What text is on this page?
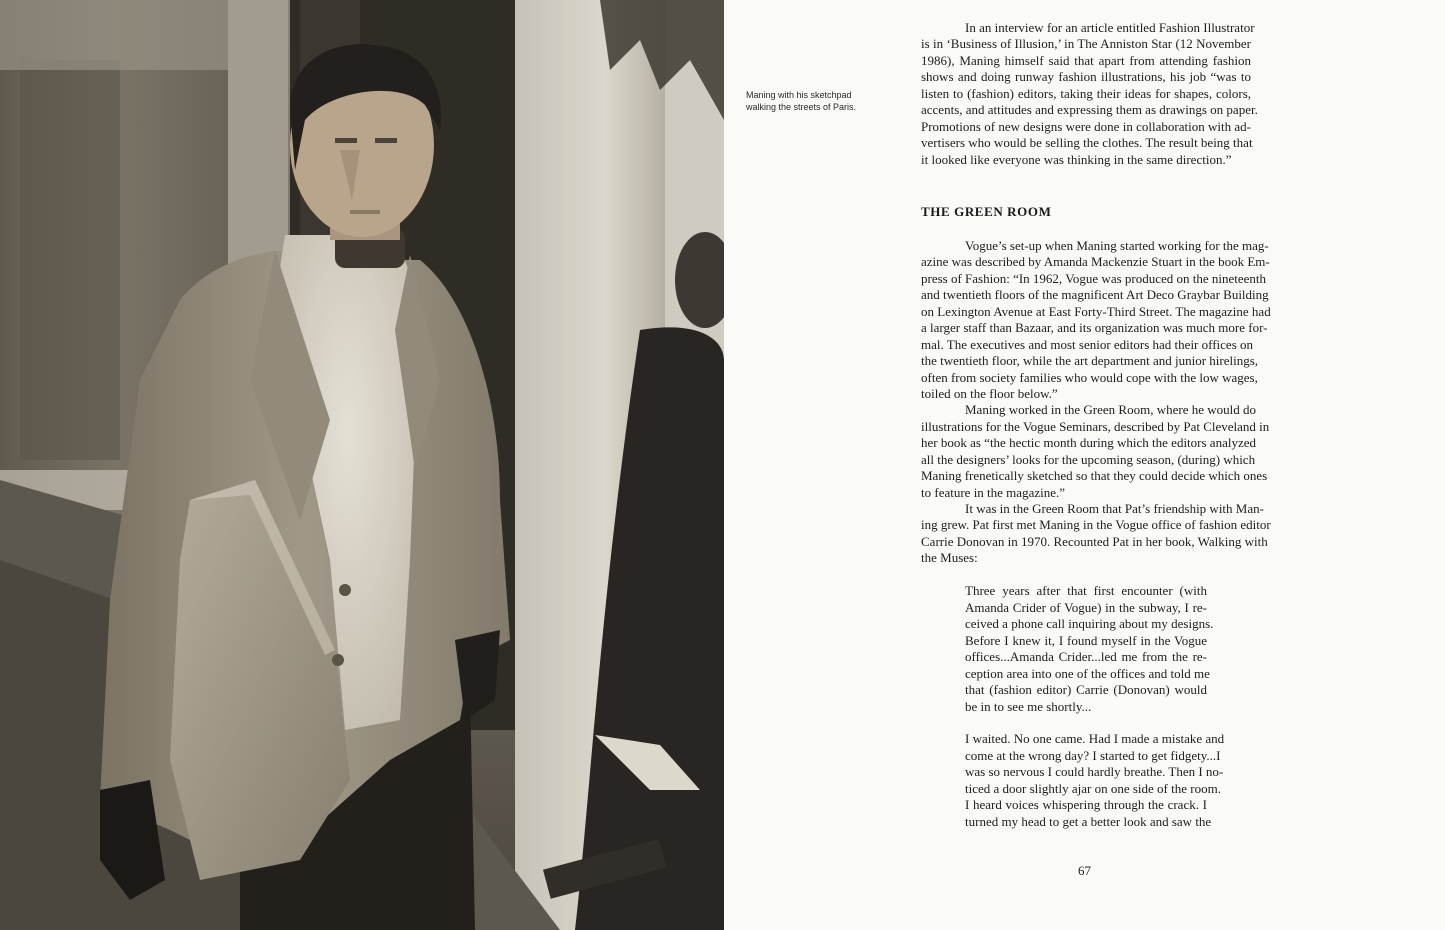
Maning with his sketchpad
walking the streets of Paris.
In an interview for an article entitled Fashion Illustrator
is in ‘Business of Illusion,’ in The Anniston Star (12 November
1986), Maning himself said that apart from attending fashion
shows and doing runway fashion illustrations, his job “was to
listen to (fashion) editors, taking their ideas for shapes, colors,
accents, and attitudes and expressing them as drawings on paper.
Promotions of new designs were done in collaboration with ad-
vertisers who would be selling the clothes. The result being that
it looked like everyone was thinking in the same direction.”
THE GREEN ROOM
Vogue’s set-up when Maning started working for the mag-
azine was described by Amanda Mackenzie Stuart in the book Em-
press of Fashion: “In 1962, Vogue was produced on the nineteenth
and twentieth floors of the magnificent Art Deco Graybar Building
on Lexington Avenue at East Forty-Third Street. The magazine had
a larger staff than Bazaar, and its organization was much more for-
mal. The executives and most senior editors had their offices on
the twentieth floor, while the art department and junior hirelings,
often from society families who would cope with the low wages,
toiled on the floor below.”
Maning worked in the Green Room, where he would do
illustrations for the Vogue Seminars, described by Pat Cleveland in
her book as “the hectic month during which the editors analyzed
all the designers’ looks for the upcoming season, (during) which
Maning frenetically sketched so that they could decide which ones
to feature in the magazine.”
It was in the Green Room that Pat’s friendship with Man-
ing grew. Pat first met Maning in the Vogue office of fashion editor
Carrie Donovan in 1970. Recounted Pat in her book, Walking with
the Muses:
Three years after that first encounter (with
Amanda Crider of Vogue) in the subway, I re-
ceived a phone call inquiring about my designs.
Before I knew it, I found myself in the Vogue
offices...Amanda Crider...led me from the re-
ception area into one of the offices and told me
that (fashion editor) Carrie (Donovan) would
be in to see me shortly...
I waited. No one came. Had I made a mistake and
come at the wrong day? I started to get fidgety...I
was so nervous I could hardly breathe. Then I no-
ticed a door slightly ajar on one side of the room.
I heard voices whispering through the crack. I
turned my head to get a better look and saw the
67
